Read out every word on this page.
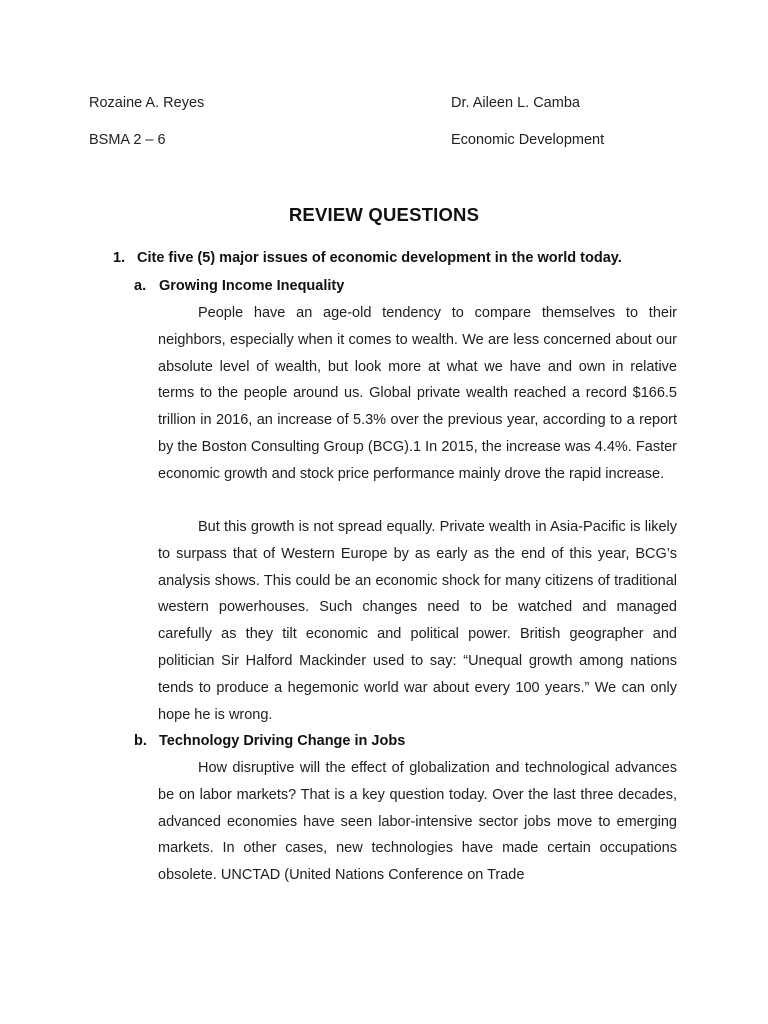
Rozaine A. Reyes
BSMA 2 – 6
Dr. Aileen L. Camba
Economic Development
REVIEW QUESTIONS
1. Cite five (5) major issues of economic development in the world today.
a. Growing Income Inequality
People have an age-old tendency to compare themselves to their neighbors, especially when it comes to wealth. We are less concerned about our absolute level of wealth, but look more at what we have and own in relative terms to the people around us. Global private wealth reached a record $166.5 trillion in 2016, an increase of 5.3% over the previous year, according to a report by the Boston Consulting Group (BCG).1 In 2015, the increase was 4.4%. Faster economic growth and stock price performance mainly drove the rapid increase.
But this growth is not spread equally. Private wealth in Asia-Pacific is likely to surpass that of Western Europe by as early as the end of this year, BCG’s analysis shows. This could be an economic shock for many citizens of traditional western powerhouses. Such changes need to be watched and managed carefully as they tilt economic and political power. British geographer and politician Sir Halford Mackinder used to say: “Unequal growth among nations tends to produce a hegemonic world war about every 100 years.” We can only hope he is wrong.
b. Technology Driving Change in Jobs
How disruptive will the effect of globalization and technological advances be on labor markets? That is a key question today. Over the last three decades, advanced economies have seen labor-intensive sector jobs move to emerging markets. In other cases, new technologies have made certain occupations obsolete. UNCTAD (United Nations Conference on Trade
